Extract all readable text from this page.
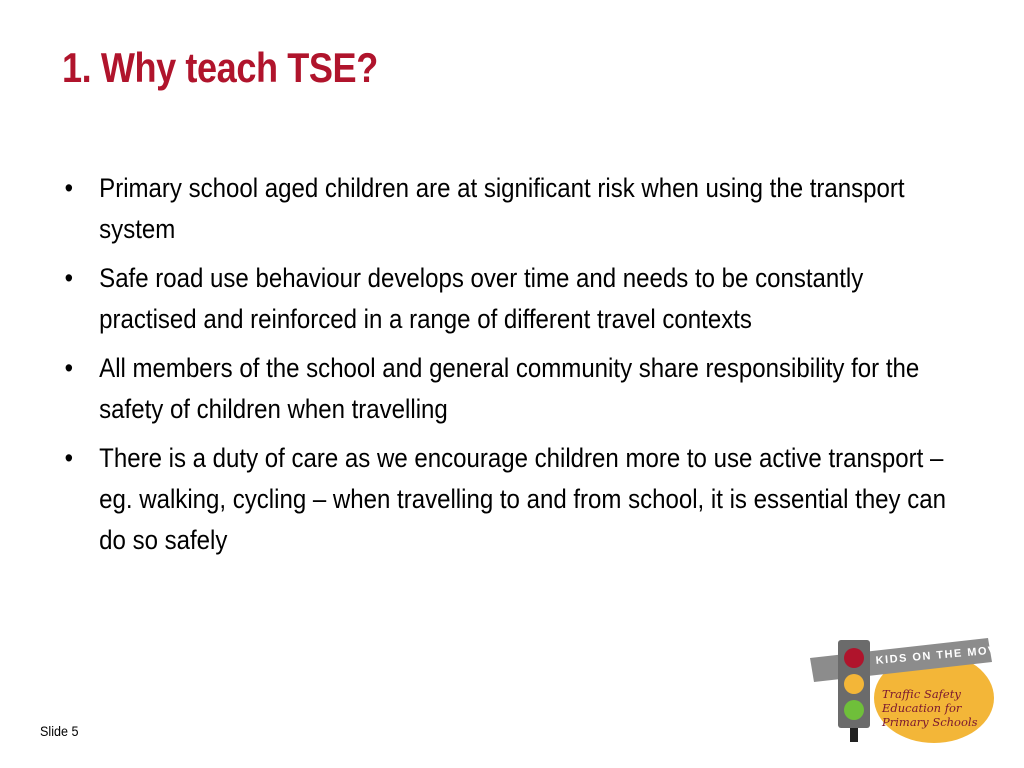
1. Why teach TSE?
• Primary school aged children are at significant risk when using the transport system
• Safe road use behaviour develops over time and needs to be constantly practised and reinforced in a range of different travel contexts
• All members of the school and general community share responsibility for the safety of children when travelling
• There is a duty of care as we encourage children more to use active transport – eg. walking, cycling – when travelling to and from school, it is essential they can do so safely
Slide 5
KIDS ON THE MOVE
Traffic Safety
Education for
Primary Schools
